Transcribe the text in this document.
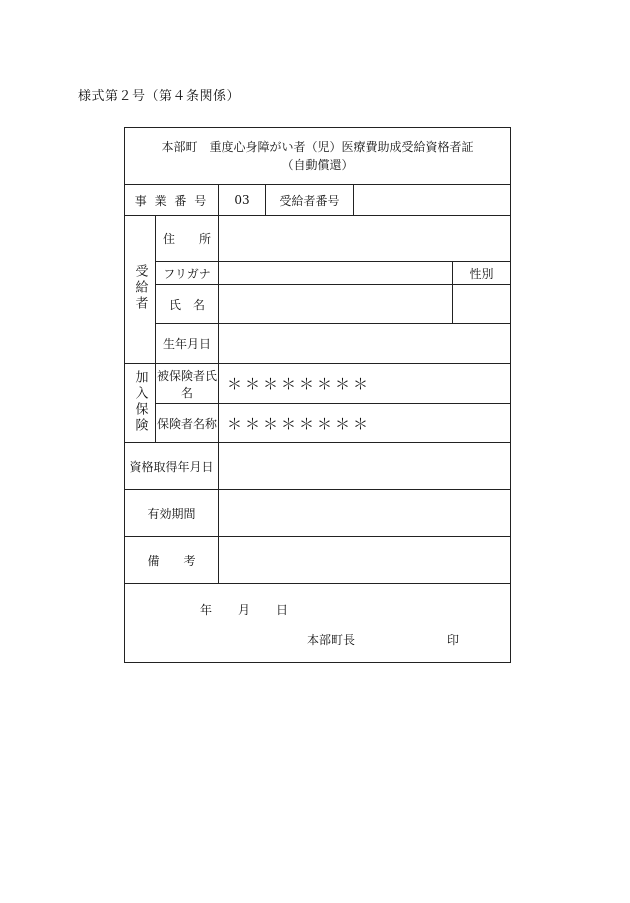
様式第２号（第４条関係）
本部町　重度心身障がい者（児）医療費助成受給資格者証
（自動償還）					

事 業 番 号		03	受給者番号		
受給者	住　　所				
	フリガナ				性別
	氏　名				
	生年月日				
加入保険	被保険者氏名	＊＊＊＊＊＊＊＊			
	保険者名称	＊＊＊＊＊＊＊＊			
資格取得年月日					
有効期間					
備　　考					

年 月 日
本部町長 印					
